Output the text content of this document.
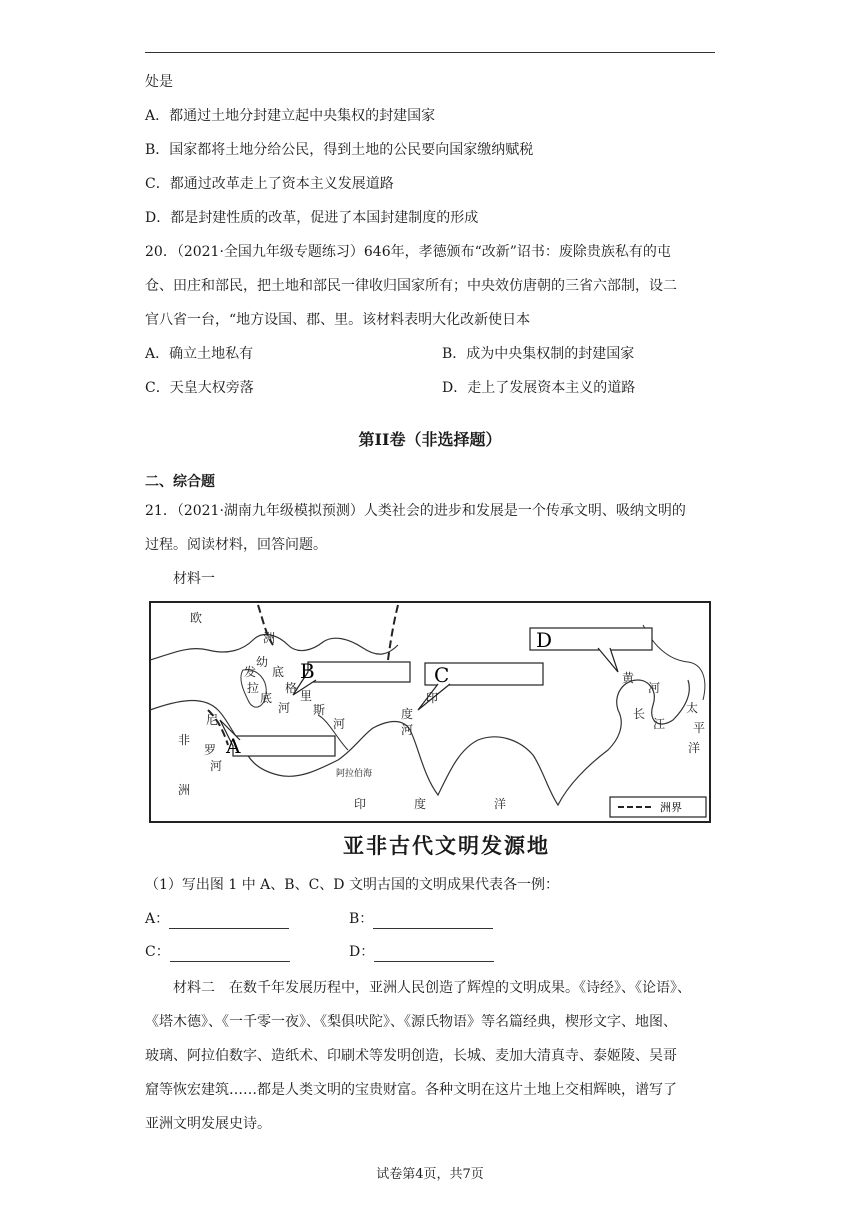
处是
A．都通过土地分封建立起中央集权的封建国家
B．国家都将土地分给公民，得到土地的公民要向国家缴纳赋税
C．都通过改革走上了资本主义发展道路
D．都是封建性质的改革，促进了本国封建制度的形成
20．（2021·全国九年级专题练习）646年，孝德颁布“改新”诏书：废除贵族私有的屯
仓、田庄和部民，把土地和部民一律收归国家所有；中央效仿唐朝的三省六部制，设二
官八省一台，“地方设国、郡、里。该材料表明大化改新使日本
A．确立土地私有	B．成为中央集权制的封建国家
C．天皇大权旁落	D．走上了发展资本主义的道路
第II卷（非选择题）
二、综合题
21．（2021·湖南九年级模拟预测）人类社会的进步和发展是一个传承文明、吸纳文明的
过程。阅读材料，回答问题。
材料一
A
B	C
D
欧
洲
发
幼
底
拉
底
格
里
斯
河
河
印
度
河
尼
罗
河
非
洲
黄
河
长
江
阿拉伯海
印	度	洋
太
平
洋
洲界
亚非古代文明发源地
（1）写出图 1 中 A、B、C、D 文明古国的文明成果代表各一例：
A：	B：
C：	D：
材料二　在数千年发展历程中，亚洲人民创造了辉煌的文明成果。《诗经》、《论语》、
《塔木德》、《一千零一夜》、《梨俱吠陀》、《源氏物语》等名篇经典，楔形文字、地图、
玻璃、阿拉伯数字、造纸术、印刷术等发明创造，长城、麦加大清真寺、泰姬陵、吴哥
窟等恢宏建筑……都是人类文明的宝贵财富。各种文明在这片土地上交相辉映，谱写了
亚洲文明发展史诗。
试卷第4页，共7页
